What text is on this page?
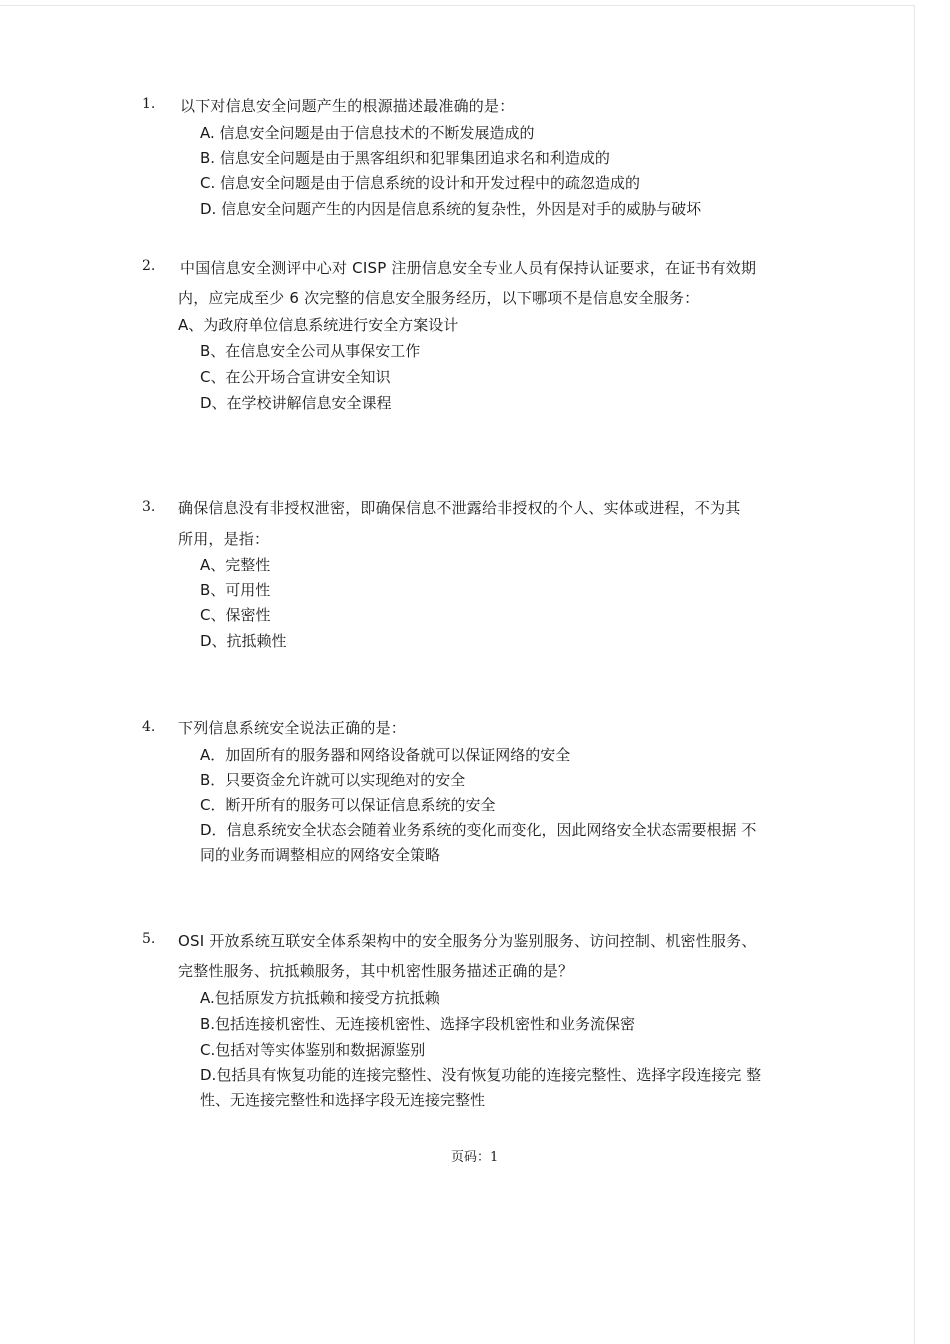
1. 以下对信息安全问题产生的根源描述最准确的是：
A. 信息安全问题是由于信息技术的不断发展造成的
B. 信息安全问题是由于黑客组织和犯罪集团追求名和利造成的
C. 信息安全问题是由于信息系统的设计和开发过程中的疏忽造成的
D. 信息安全问题产生的内因是信息系统的复杂性，外因是对手的威胁与破坏
2. 中国信息安全测评中心对 CISP 注册信息安全专业人员有保持认证要求，在证书有效期
内，应完成至少 6 次完整的信息安全服务经历，以下哪项不是信息安全服务：
A、为政府单位信息系统进行安全方案设计
B、在信息安全公司从事保安工作
C、在公开场合宣讲安全知识
D、在学校讲解信息安全课程
3. 确保信息没有非授权泄密，即确保信息不泄露给非授权的个人、实体或进程，不为其
所用，是指：
A、完整性
B、可用性
C、保密性
D、抗抵赖性
4. 下列信息系统安全说法正确的是：
A．加固所有的服务器和网络设备就可以保证网络的安全
B．只要资金允许就可以实现绝对的安全
C．断开所有的服务可以保证信息系统的安全
D．信息系统安全状态会随着业务系统的变化而变化，因此网络安全状态需要根据 不
同的业务而调整相应的网络安全策略
5. OSI 开放系统互联安全体系架构中的安全服务分为鉴别服务、访问控制、机密性服务、
完整性服务、抗抵赖服务，其中机密性服务描述正确的是？
A.包括原发方抗抵赖和接受方抗抵赖
B.包括连接机密性、无连接机密性、选择字段机密性和业务流保密
C.包括对等实体鉴别和数据源鉴别
D.包括具有恢复功能的连接完整性、没有恢复功能的连接完整性、选择字段连接完 整
性、无连接完整性和选择字段无连接完整性
页码：1
